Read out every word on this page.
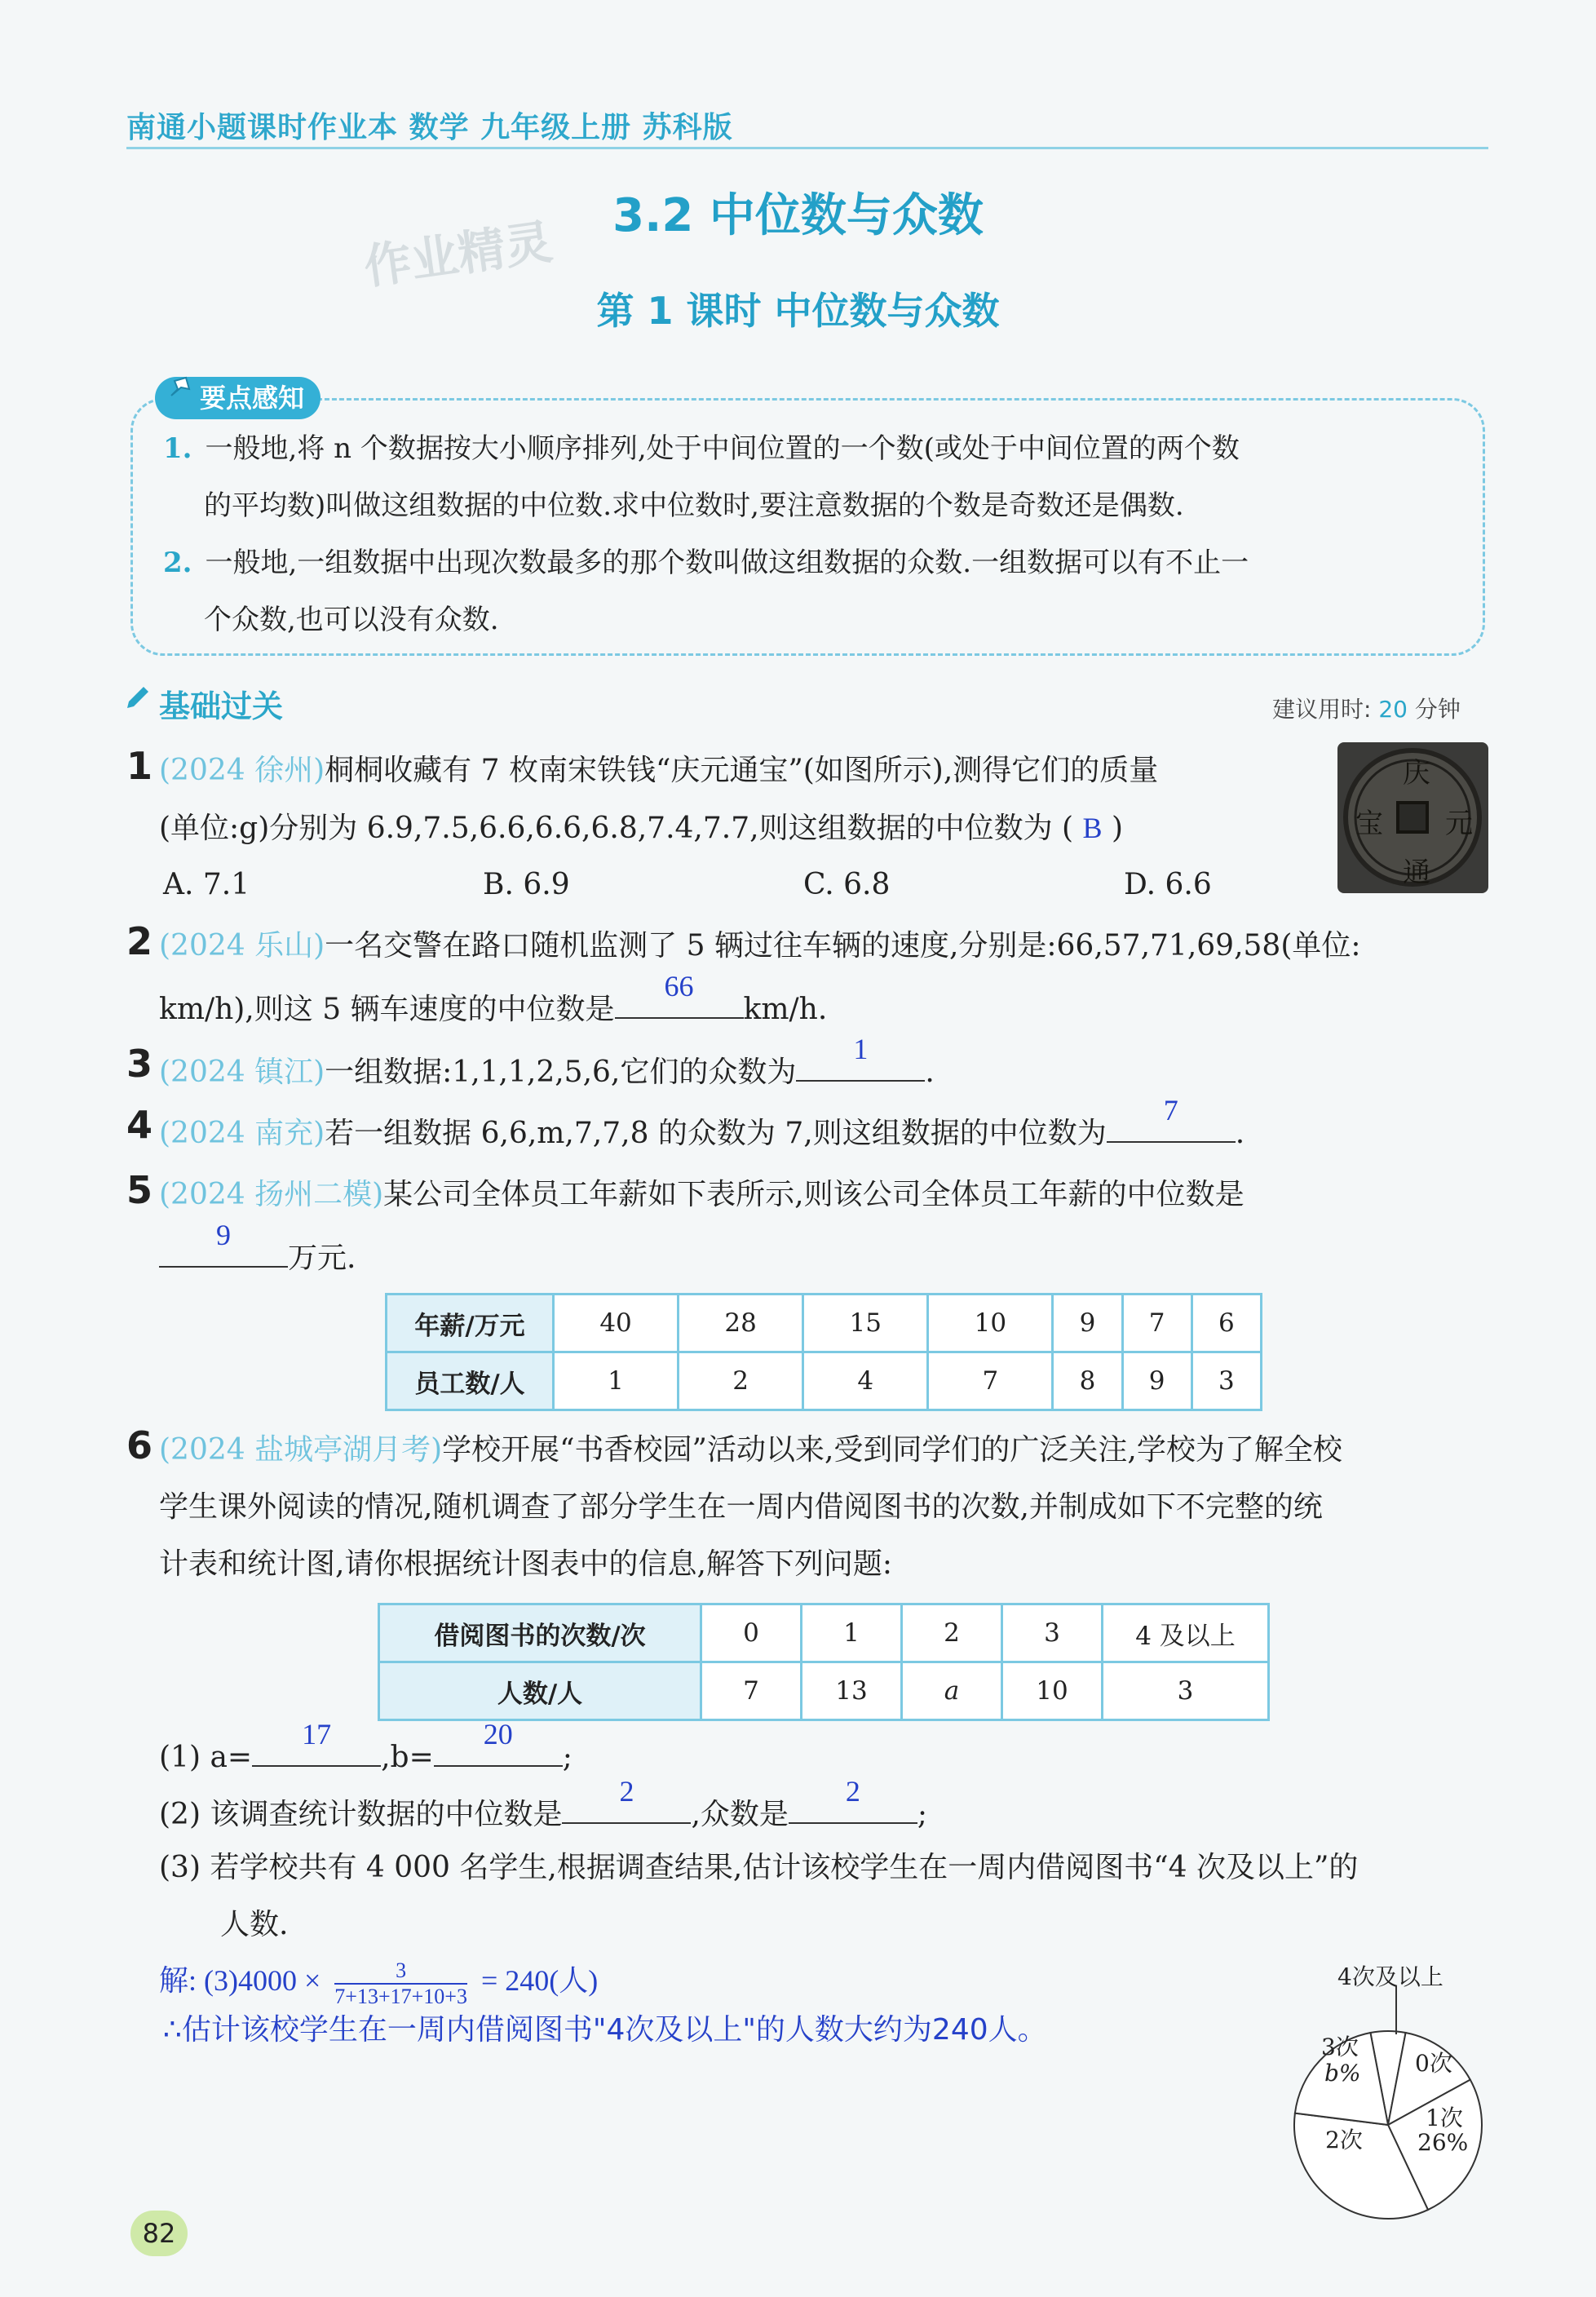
南通小题课时作业本 数学 九年级上册 苏科版
作业精灵	3.2 中位数与众数
第 1 课时 中位数与众数
要点感知
1. 一般地,将 n 个数据按大小顺序排列,处于中间位置的一个数(或处于中间位置的两个数
的平均数)叫做这组数据的中位数.求中位数时,要注意数据的个数是奇数还是偶数.
2. 一般地,一组数据中出现次数最多的那个数叫做这组数据的众数.一组数据可以有不止一
个众数,也可以没有众数.
基础过关	建议用时: 20 分钟
1 (2024 徐州)桐桐收藏有 7 枚南宋铁钱“庆元通宝”(如图所示),测得它们的质量
(单位:g)分别为 6.9,7.5,6.6,6.6,6.8,7.4,7.7,则这组数据的中位数为 ( B )
A. 7.1	B. 6.9	C. 6.8	D. 6.6
庆
元
通
宝
2 (2024 乐山)一名交警在路口随机监测了 5 辆过往车辆的速度,分别是:66,57,71,69,58(单位:
km/h),则这 5 辆车速度的中位数是
66
km/h.
3 (2024 镇江)一组数据:1,1,1,2,5,6,它们的众数为
1
.
4 (2024 南充)若一组数据 6,6,m,7,7,8 的众数为 7,则这组数据的中位数为
7
.
5 (2024 扬州二模)某公司全体员工年薪如下表所示,则该公司全体员工年薪的中位数是
9
万元.
年薪/万元	40	28	15	10	9	7	6
员工数/人	1	2	4	7	8	9	3
6 (2024 盐城亭湖月考)学校开展“书香校园”活动以来,受到同学们的广泛关注,学校为了解全校
学生课外阅读的情况,随机调查了部分学生在一周内借阅图书的次数,并制成如下不完整的统
计表和统计图,请你根据统计图表中的信息,解答下列问题:
借阅图书的次数/次	0	1	2	3	4 及以上
人数/人	7	13	a	10	3
(1) a=
17
,b=
20
;
(2) 该调查统计数据的中位数是
2
,众数是
2
;
(3) 若学校共有 4 000 名学生,根据调查结果,估计该校学生在一周内借阅图书“4 次及以上”的
人数.
解: $(3)4000 \times \frac{3}{7+13+17+10+3} = 240$(人)
∴估计该校学生在一周内借阅图书"4次及以上"的人数大约为240人。
4次及以上
0次
1次
26%
2次
3次
b%
82
